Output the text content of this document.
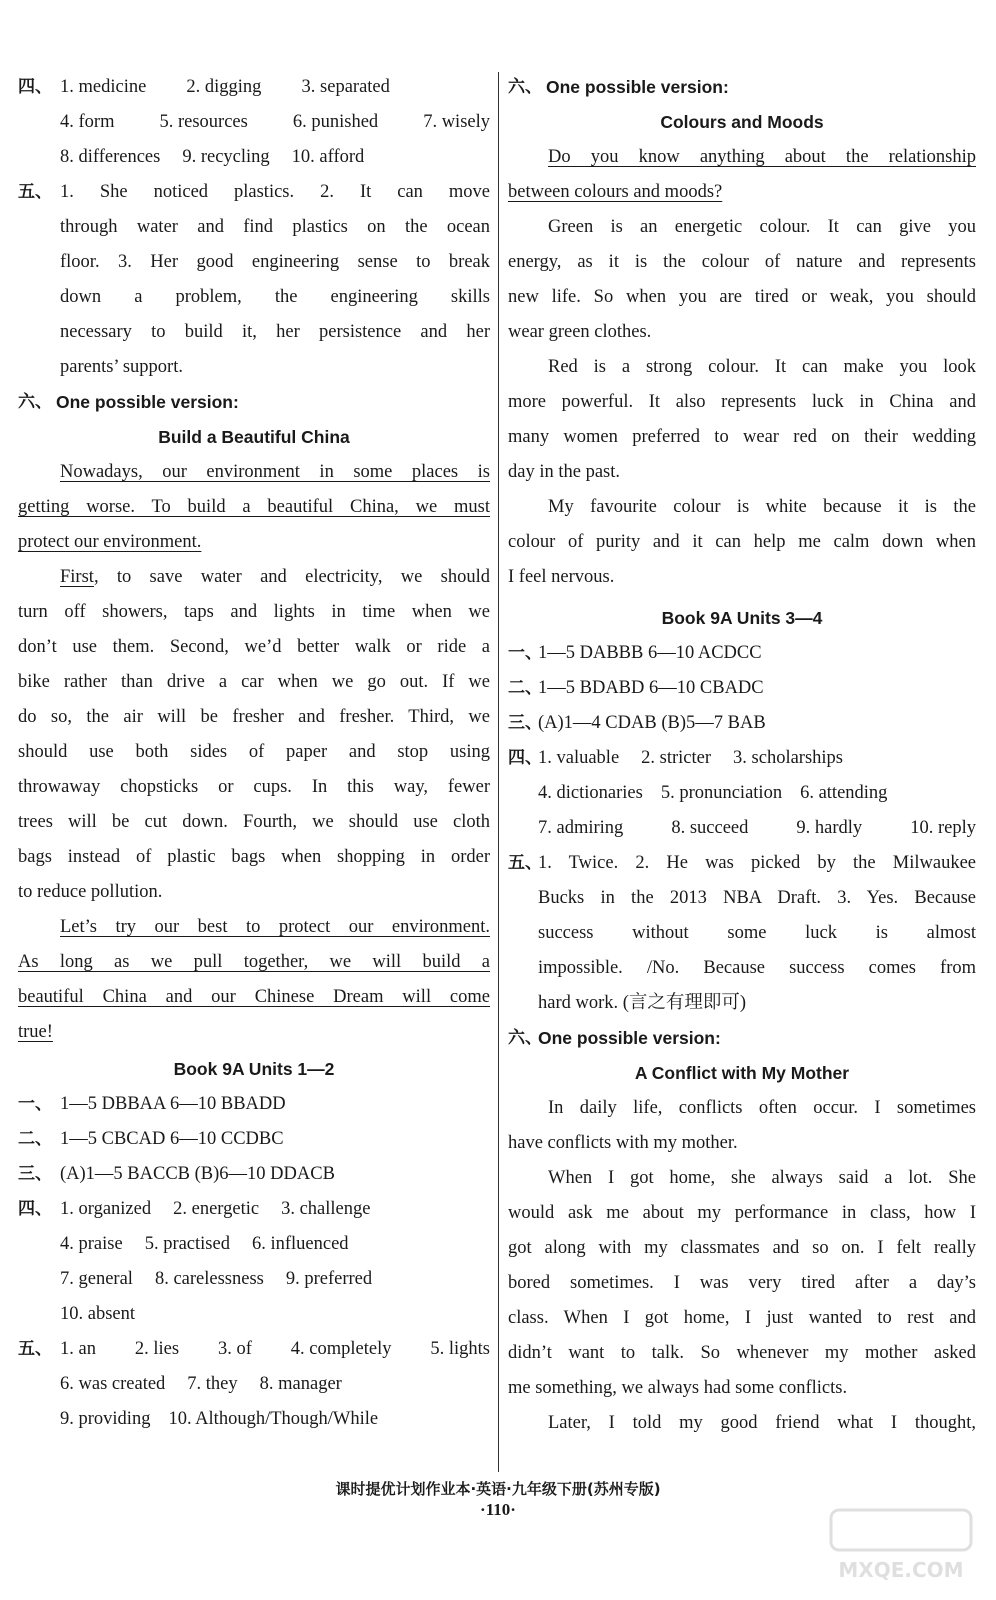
四、 1. medicine 2. digging 3. separated
4. form 5. resources 6. punished 7. wisely
8. differences 9. recycling 10. afford
五、 1. She noticed plastics. 2. It can move
through water and find plastics on the ocean
floor. 3. Her good engineering sense to break
down a problem, the engineering skills
necessary to build it, her persistence and her
parents’ support.
六、 One possible version:
Build a Beautiful China
Nowadays, our environment in some places is
getting worse. To build a beautiful China, we must
protect our environment.
First, to save water and electricity, we should
turn off showers, taps and lights in time when we
don’t use them. Second, we’d better walk or ride a
bike rather than drive a car when we go out. If we
do so, the air will be fresher and fresher. Third, we
should use both sides of paper and stop using
throwaway chopsticks or cups. In this way, fewer
trees will be cut down. Fourth, we should use cloth
bags instead of plastic bags when shopping in order
to reduce pollution.
Let’s try our best to protect our environment.
As long as we pull together, we will build a
beautiful China and our Chinese Dream will come
true!
Book 9A Units 1—2
一、 1—5 DBBAA 6—10 BBADD
二、 1—5 CBCAD 6—10 CCDBC
三、 (A)1—5 BACCB (B)6—10 DDACB
四、 1. organized 2. energetic 3. challenge
4. praise 5. practised 6. influenced
7. general 8. carelessness 9. preferred
10. absent
五、 1. an 2. lies 3. of 4. completely 5. lights
6. was created 7. they 8. manager
9. providing 10. Although/Though/While
六、 One possible version:
Colours and Moods
Do you know anything about the relationship
between colours and moods?
Green is an energetic colour. It can give you
energy, as it is the colour of nature and represents
new life. So when you are tired or weak, you should
wear green clothes.
Red is a strong colour. It can make you look
more powerful. It also represents luck in China and
many women preferred to wear red on their wedding
day in the past.
My favourite colour is white because it is the
colour of purity and it can help me calm down when
I feel nervous.
Book 9A Units 3—4
一、
1—5 DABBB 6—10 ACDCC
二、
1—5 BDABD 6—10 CBADC
三、
(A)1—4 CDAB (B)5—7 BAB
四、
1. valuable 2. stricter 3. scholarships
4. dictionaries 5. pronunciation 6. attending
7. admiring	8. succeed	9. hardly	10. reply
五、
1. Twice. 2. He was picked by the Milwaukee
Bucks in the 2013 NBA Draft. 3. Yes. Because
success without some luck is almost
impossible. /No. Because success comes from
hard work. (言之有理即可)
六、
One possible version:
A Conflict with My Mother
In daily life, conflicts often occur. I sometimes
have conflicts with my mother.
When I got home, she always said a lot. She
would ask me about my performance in class, how I
got along with my classmates and so on. I felt really
bored sometimes. I was very tired after a day’s
class. When I got home, I just wanted to rest and
didn’t want to talk. So whenever my mother asked
me something, we always had some conflicts.
Later, I told my good friend what I thought,
课时提优计划作业本·英语·九年级下册(苏州专版)
·110·
MXQE.COM
